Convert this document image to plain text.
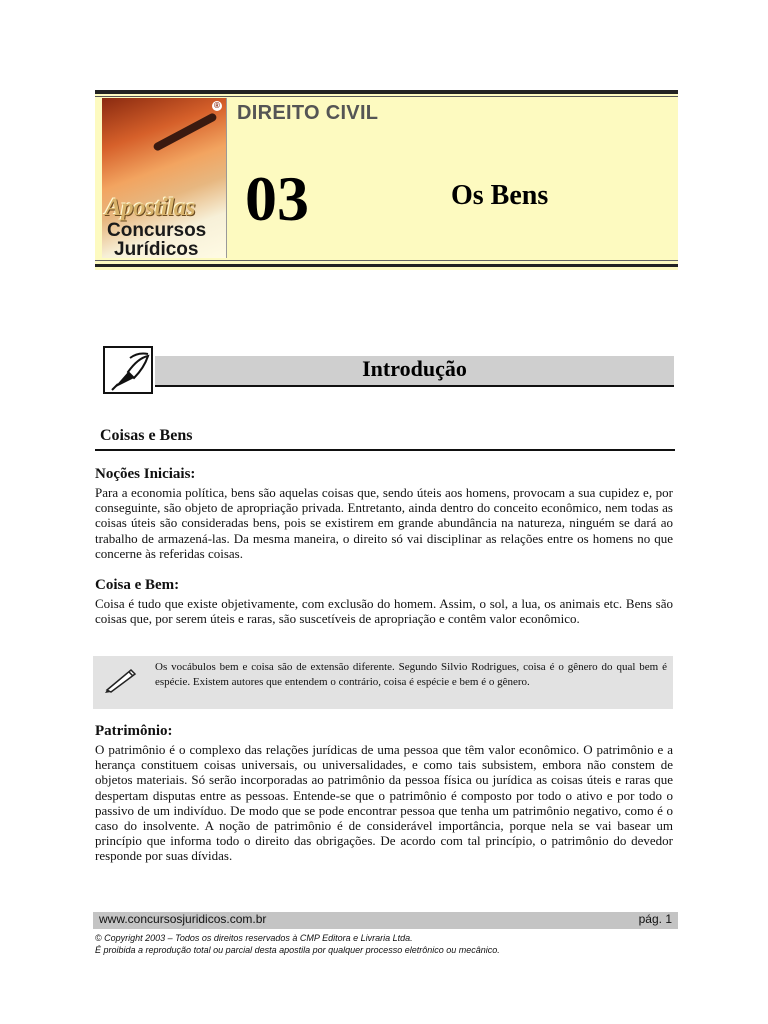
®
Apostilas
Concursos
Jurídicos
DIREITO CIVIL
03	Os Bens
Introdução
Coisas e Bens
Noções Iniciais:
Para a economia política, bens são aquelas coisas que, sendo úteis aos homens, provocam a sua cupidez e, por conseguinte, são objeto de apropriação privada. Entretanto, ainda dentro do conceito econômico, nem todas as coisas úteis são consideradas bens, pois se existirem em grande abundância na natureza, ninguém se dará ao trabalho de armazená-las. Da mesma maneira, o direito só vai disciplinar as relações entre os homens no que concerne às referidas coisas.
Coisa e Bem:
Coisa é tudo que existe objetivamente, com exclusão do homem. Assim, o sol, a lua, os animais etc. Bens são coisas que, por serem úteis e raras, são suscetíveis de apropriação e contêm valor econômico.
Os vocábulos bem e coisa são de extensão diferente. Segundo Silvio Rodrigues, coisa é o gênero do qual bem é espécie. Existem autores que entendem o contrário, coisa é espécie e bem é o gênero.
Patrimônio:
O patrimônio é o complexo das relações jurídicas de uma pessoa que têm valor econômico. O patrimônio e a herança constituem coisas universais, ou universalidades, e como tais subsistem, embora não constem de objetos materiais. Só serão incorporadas ao patrimônio da pessoa física ou jurídica as coisas úteis e raras que despertam disputas entre as pessoas. Entende-se que o patrimônio é composto por todo o ativo e por todo o passivo de um indivíduo. De modo que se pode encontrar pessoa que tenha um patrimônio negativo, como é o caso do insolvente. A noção de patrimônio é de considerável importância, porque nela se vai basear um princípio que informa todo o direito das obrigações. De acordo com tal princípio, o patrimônio do devedor responde por suas dívidas.
www.concursosjuridicos.com.br	pág. 1
© Copyright 2003 – Todos os direitos reservados à CMP Editora e Livraria Ltda.
É proibida a reprodução total ou parcial desta apostila por qualquer processo eletrônico ou mecânico.
